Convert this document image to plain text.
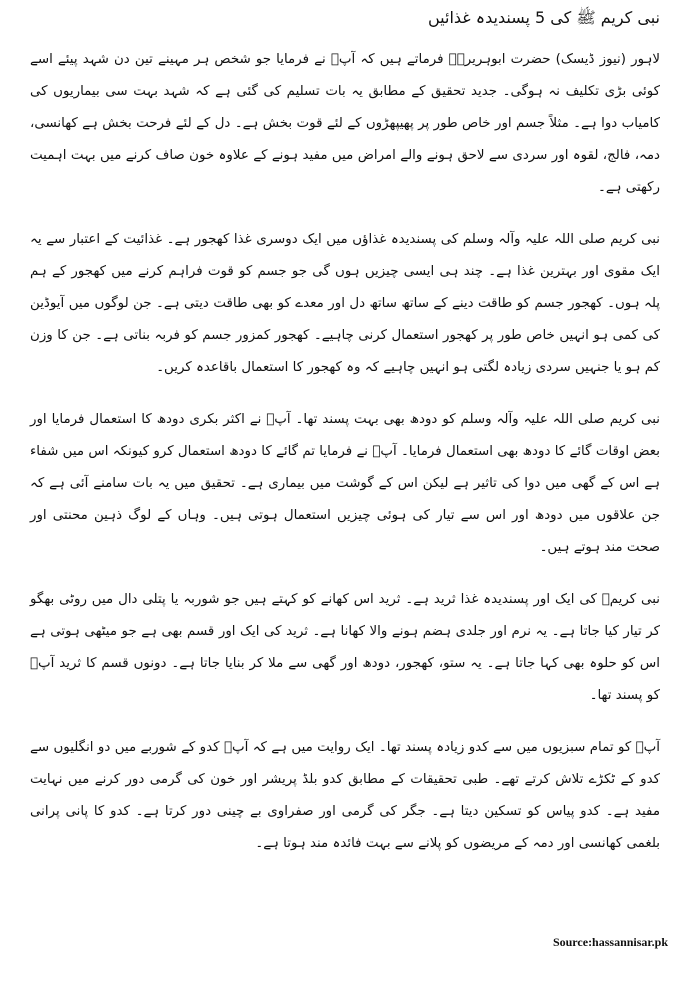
نبی کریم ﷺ کی 5 پسندیدہ غذائیں

لاہور (نیوز ڈیسک) حضرت ابوہریرہؓ فرماتے ہیں کہ آپؐ نے فرمایا جو شخص ہر مہینے تین دن شہد پیئے اسے کوئی بڑی تکلیف نہ ہوگی۔ جدید تحقیق کے مطابق یہ بات تسلیم کی گئی ہے کہ شہد بہت سی بیماریوں کی کامیاب دوا ہے۔ مثلاً جسم اور خاص طور پر پھیپھڑوں کے لئے قوت بخش ہے۔ دل کے لئے فرحت بخش ہے کھانسی، دمہ، فالج، لقوہ اور سردی سے لاحق ہونے والے امراض میں مفید ہونے کے علاوہ خون صاف کرنے میں بہت اہمیت رکھتی ہے۔

نبی کریم صلی اللہ علیہ وآلہ وسلم کی پسندیدہ غذاؤں میں ایک دوسری غذا کھجور ہے۔ غذائیت کے اعتبار سے یہ ایک مقوی اور بہترین غذا ہے۔ چند ہی ایسی چیزیں ہوں گی جو جسم کو قوت فراہم کرنے میں کھجور کے ہم پلہ ہوں۔ کھجور جسم کو طاقت دینے کے ساتھ ساتھ دل اور معدے کو بھی طاقت دیتی ہے۔ جن لوگوں میں آیوڈین کی کمی ہو انہیں خاص طور پر کھجور استعمال کرنی چاہیے۔ کھجور کمزور جسم کو فربہ بناتی ہے۔ جن کا وزن کم ہو یا جنہیں سردی زیادہ لگتی ہو انہیں چاہیے کہ وہ کھجور کا استعمال باقاعدہ کریں۔

نبی کریم صلی اللہ علیہ وآلہ وسلم کو دودھ بھی بہت پسند تھا۔ آپؐ نے اکثر بکری دودھ کا استعمال فرمایا اور بعض اوقات گائے کا دودھ بھی استعمال فرمایا۔ آپؐ نے فرمایا تم گائے کا دودھ استعمال کرو کیونکہ اس میں شفاء ہے اس کے گھی میں دوا کی تاثیر ہے لیکن اس کے گوشت میں بیماری ہے۔ تحقیق میں یہ بات سامنے آئی ہے کہ جن علاقوں میں دودھ اور اس سے تیار کی ہوئی چیزیں استعمال ہوتی ہیں۔ وہاں کے لوگ ذہین محنتی اور صحت مند ہوتے ہیں۔

نبی کریمؐ کی ایک اور پسندیدہ غذا ثرید ہے۔ ثرید اس کھانے کو کہتے ہیں جو شوربہ یا پتلی دال میں روٹی بھگو کر تیار کیا جاتا ہے۔ یہ نرم اور جلدی ہضم ہونے والا کھانا ہے۔ ثرید کی ایک اور قسم بھی ہے جو میٹھی ہوتی ہے اس کو حلوہ بھی کہا جاتا ہے۔ یہ ستو، کھجور، دودھ اور گھی سے ملا کر بنایا جاتا ہے۔ دونوں قسم کا ثرید آپؐ کو پسند تھا۔

آپؐ کو تمام سبزیوں میں سے کدو زیادہ پسند تھا۔ ایک روایت میں ہے کہ آپؐ کدو کے شوربے میں دو انگلیوں سے کدو کے ٹکڑے تلاش کرتے تھے۔ طبی تحقیقات کے مطابق کدو بلڈ پریشر اور خون کی گرمی دور کرنے میں نہایت مفید ہے۔ کدو پیاس کو تسکین دیتا ہے۔ جگر کی گرمی اور صفراوی بے چینی دور کرتا ہے۔ کدو کا پانی پرانی بلغمی کھانسی اور دمہ کے مریضوں کو پلانے سے بہت فائدہ مند ہوتا ہے۔

Source:hassannisar.pk
